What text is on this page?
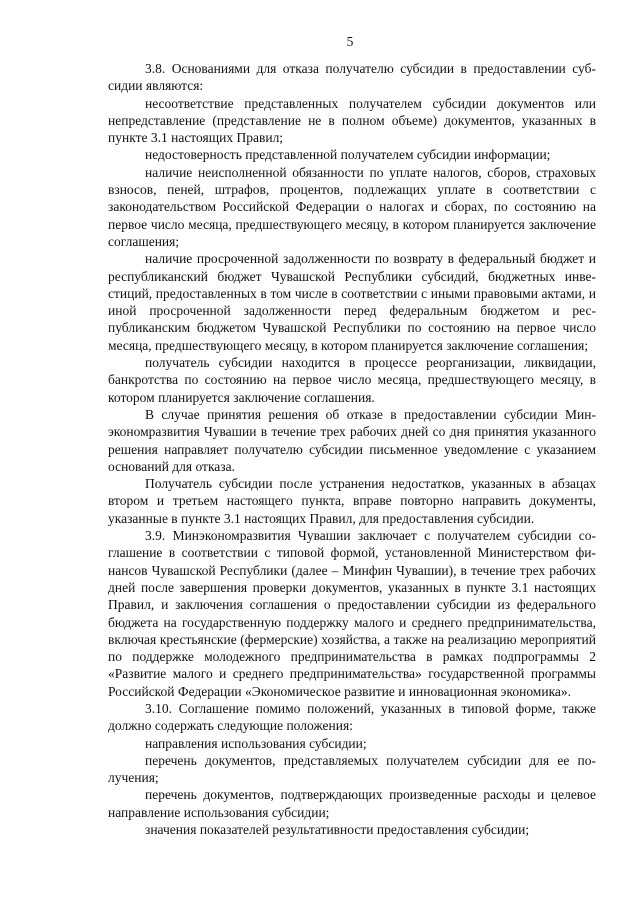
5

3.8. Основаниями для отказа получателю субсидии в предоставлении субсидии являются:

несоответствие представленных получателем субсидии документов или непредставление (представление не в полном объеме) документов, указанных в пункте 3.1 настоящих Правил;

недостоверность представленной получателем субсидии информации;

наличие неисполненной обязанности по уплате налогов, сборов, страховых взносов, пеней, штрафов, процентов, подлежащих уплате в соответствии с законодательством Российской Федерации о налогах и сборах, по состоянию на первое число месяца, предшествующего месяцу, в котором планируется заключение соглашения;

наличие просроченной задолженности по возврату в федеральный бюджет и республиканский бюджет Чувашской Республики субсидий, бюджетных инвестиций, предоставленных в том числе в соответствии с иными правовыми актами, и иной просроченной задолженности перед федеральным бюджетом и республиканским бюджетом Чувашской Республики по состоянию на первое число месяца, предшествующего месяцу, в котором планируется заключение соглашения;

получатель субсидии находится в процессе реорганизации, ликвидации, банкротства по состоянию на первое число месяца, предшествующего месяцу, в котором планируется заключение соглашения.

В случае принятия решения об отказе в предоставлении субсидии Минэкономразвития Чувашии в течение трех рабочих дней со дня принятия указанного решения направляет получателю субсидии письменное уведомление с указанием оснований для отказа.

Получатель субсидии после устранения недостатков, указанных в абзацах втором и третьем настоящего пункта, вправе повторно направить документы, указанные в пункте 3.1 настоящих Правил, для предоставления субсидии.

3.9. Минэкономразвития Чувашии заключает с получателем субсидии соглашение в соответствии с типовой формой, установленной Министерством финансов Чувашской Республики (далее – Минфин Чувашии), в течение трех рабочих дней после завершения проверки документов, указанных в пункте 3.1 настоящих Правил, и заключения соглашения о предоставлении субсидии из федерального бюджета на государственную поддержку малого и среднего предпринимательства, включая крестьянские (фермерские) хозяйства, а также на реализацию мероприятий по поддержке молодежного предпринимательства в рамках подпрограммы 2 «Развитие малого и среднего предпринимательства» государственной программы Российской Федерации «Экономическое развитие и инновационная экономика».

3.10. Соглашение помимо положений, указанных в типовой форме, также должно содержать следующие положения:

направления использования субсидии;

перечень документов, представляемых получателем субсидии для ее получения;

перечень документов, подтверждающих произведенные расходы и целевое направление использования субсидии;

значения показателей результативности предоставления субсидии;
